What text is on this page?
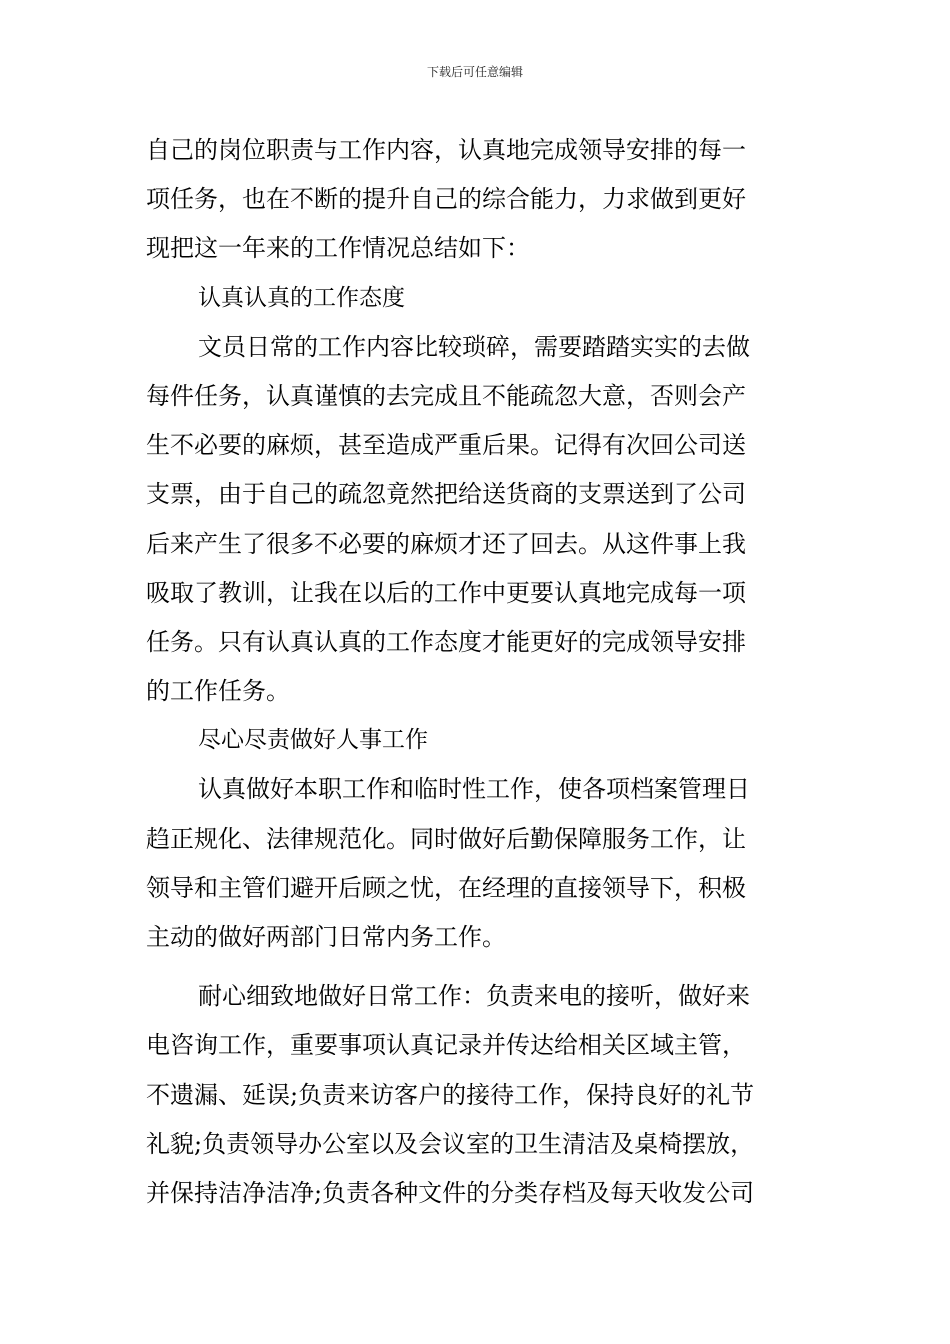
下载后可任意编辑
自己的岗位职责与工作内容，认真地完成领导安排的每一
项任务，也在不断的提升自己的综合能力，力求做到更好
现把这一年来的工作情况总结如下：
认真认真的工作态度
文员日常的工作内容比较琐碎，需要踏踏实实的去做
每件任务，认真谨慎的去完成且不能疏忽大意，否则会产
生不必要的麻烦，甚至造成严重后果。记得有次回公司送
支票，由于自己的疏忽竟然把给送货商的支票送到了公司
后来产生了很多不必要的麻烦才还了回去。从这件事上我
吸取了教训，让我在以后的工作中更要认真地完成每一项
任务。只有认真认真的工作态度才能更好的完成领导安排
的工作任务。
尽心尽责做好人事工作
认真做好本职工作和临时性工作，使各项档案管理日
趋正规化、法律规范化。同时做好后勤保障服务工作，让
领导和主管们避开后顾之忧，在经理的直接领导下，积极
主动的做好两部门日常内务工作。
耐心细致地做好日常工作：负责来电的接听，做好来
电咨询工作，重要事项认真记录并传达给相关区域主管，
不遗漏、延误;负责来访客户的接待工作，保持良好的礼节
礼貌;负责领导办公室以及会议室的卫生清洁及桌椅摆放，
并保持洁净洁净;负责各种文件的分类存档及每天收发公司
